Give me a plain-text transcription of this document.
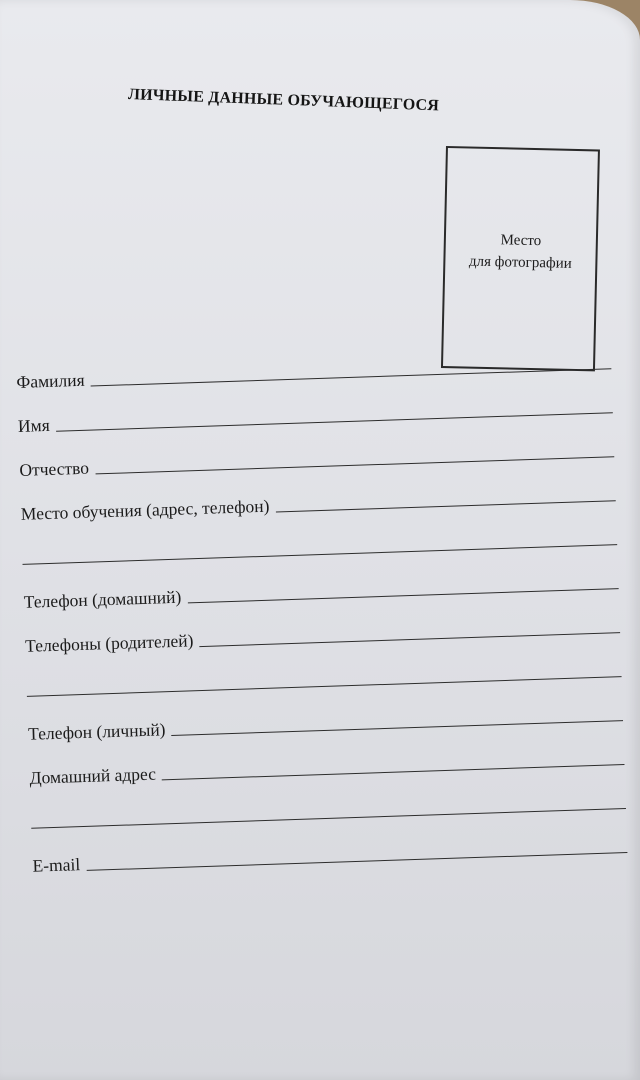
ЛИЧНЫЕ ДАННЫЕ ОБУЧАЮЩЕГОСЯ
Место
для фотографии
Фамилия
Имя
Отчество
Место обучения (адрес, телефон)
Телефон (домашний)
Телефоны (родителей)
Телефон (личный)
Домашний адрес
E-mail
